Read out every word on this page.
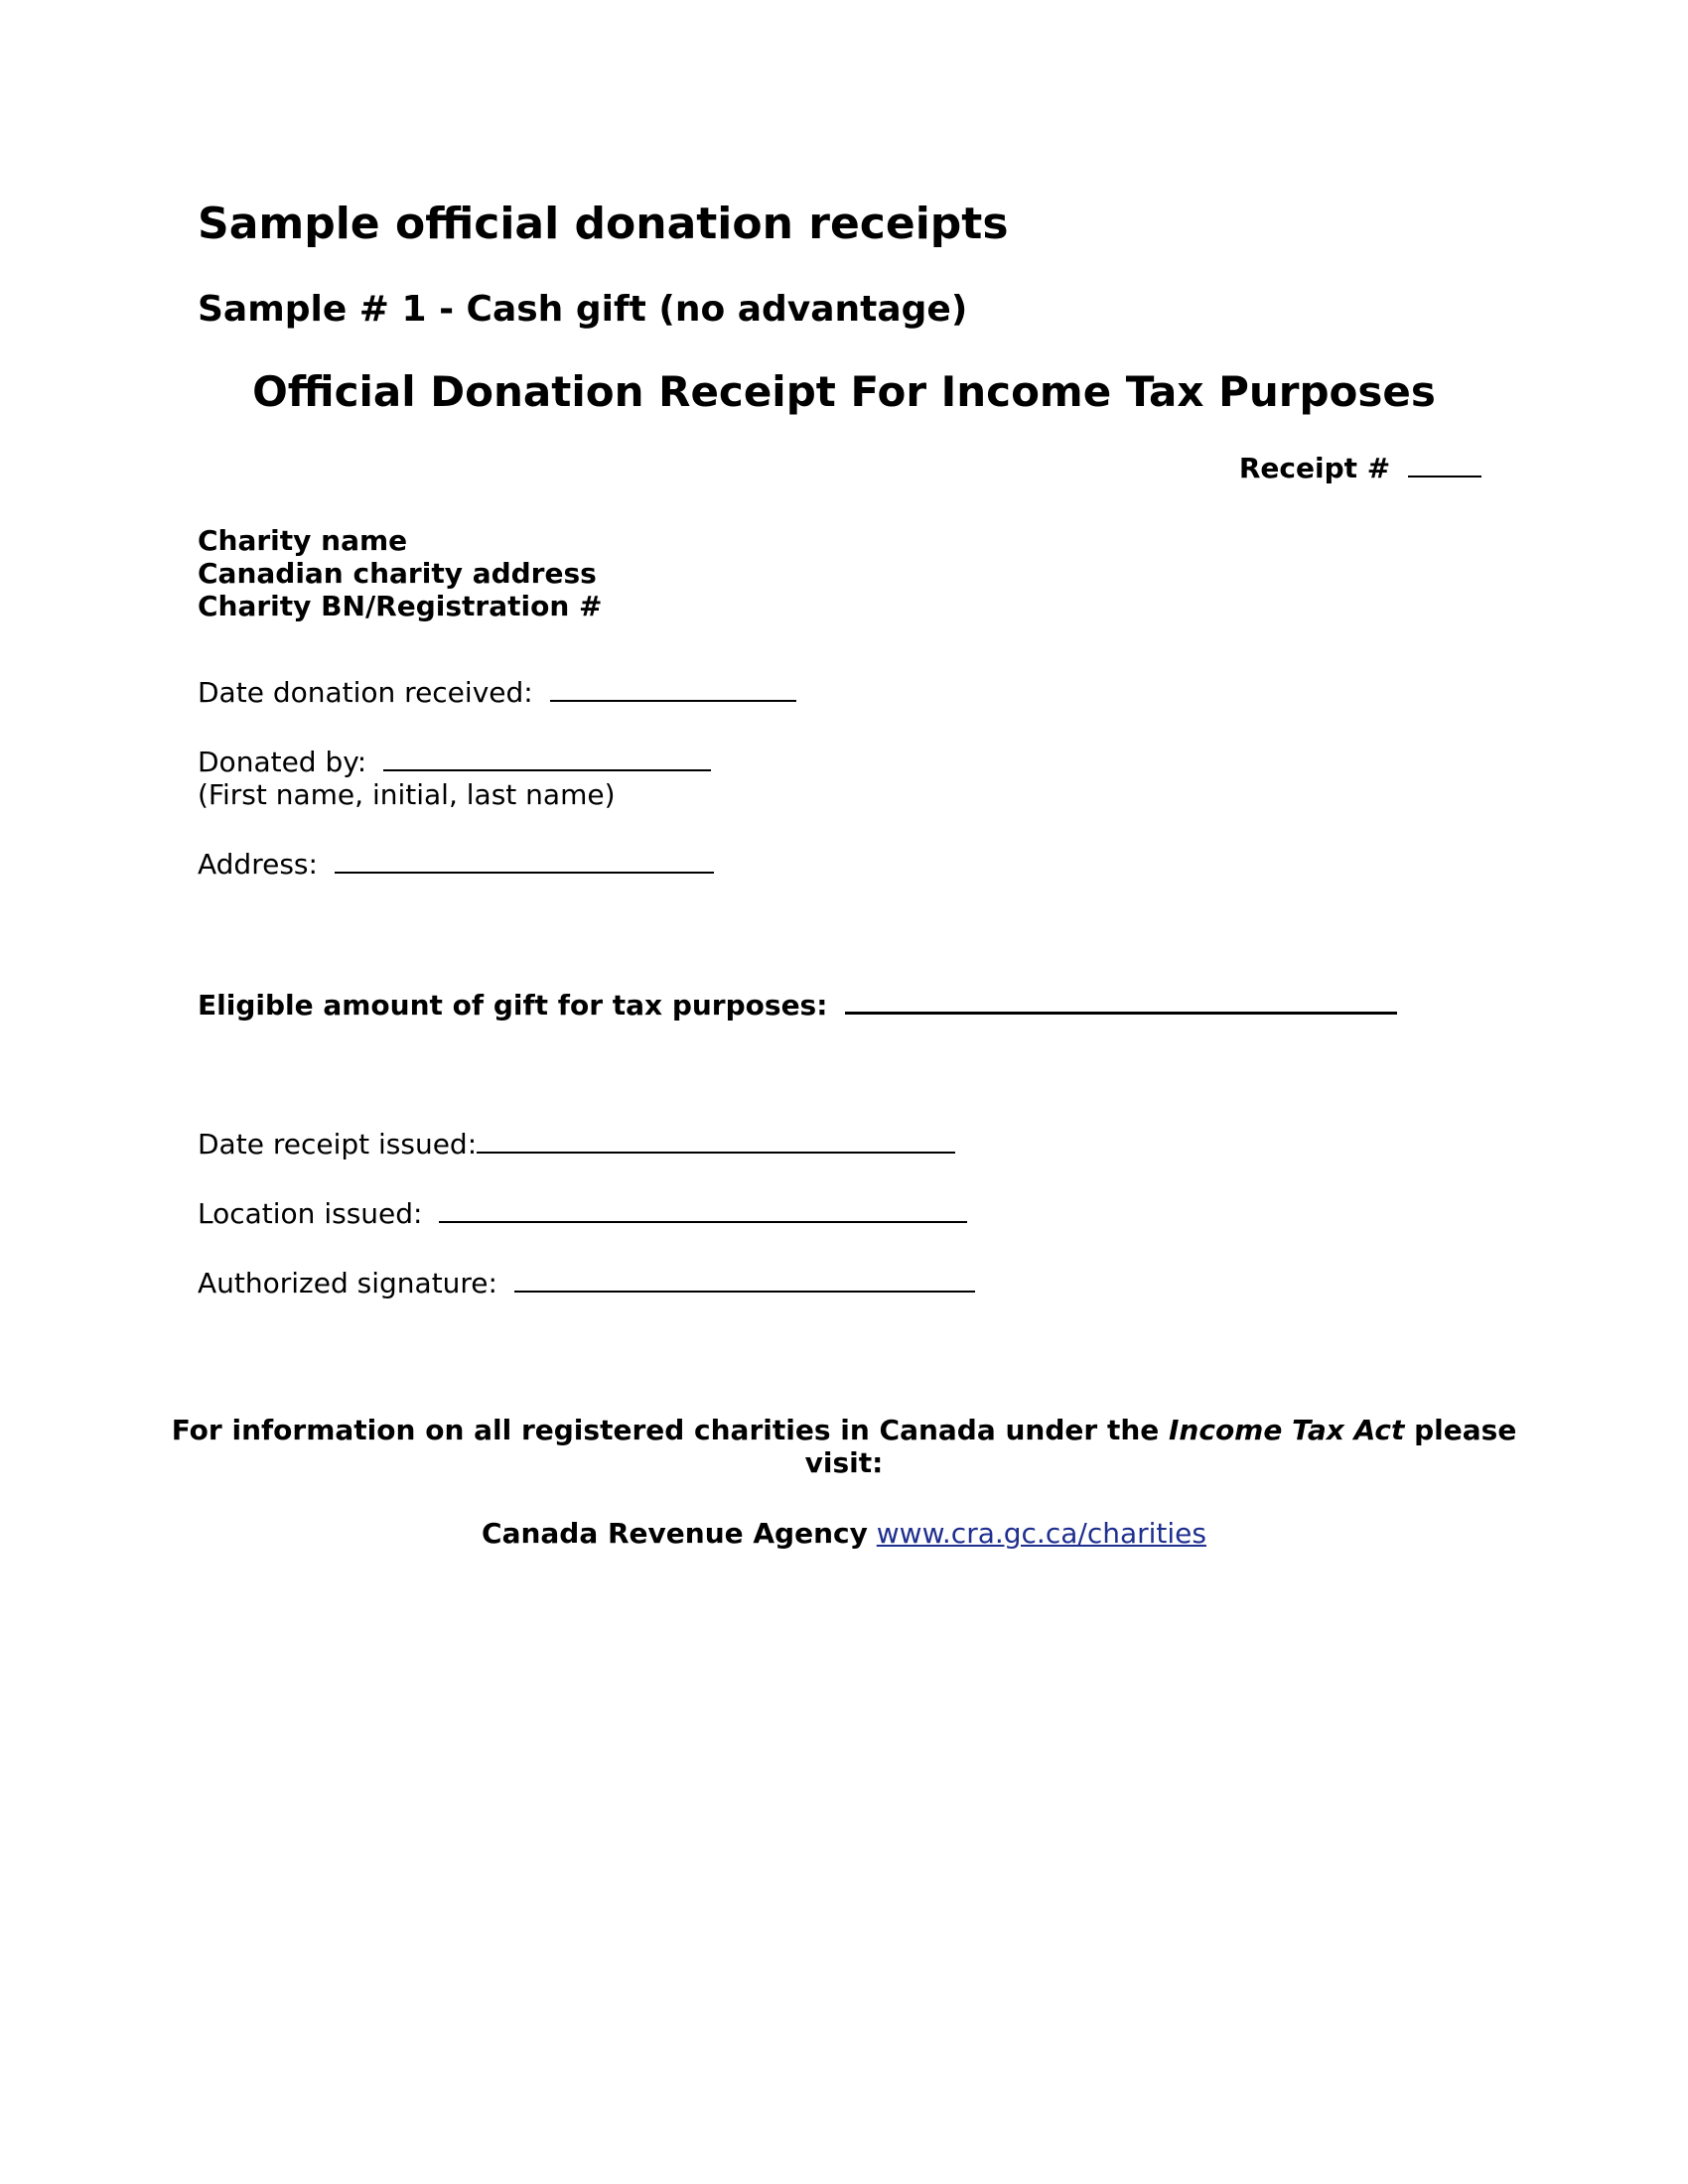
Sample official donation receipts
Sample # 1 - Cash gift (no advantage)
Official Donation Receipt For Income Tax Purposes
Receipt #
Charity name
Canadian charity address
Charity BN/Registration #
Date donation received:
Donated by:
(First name, initial, last name)
Address:
Eligible amount of gift for tax purposes:
Date receipt issued:
Location issued:
Authorized signature:
For information on all registered charities in Canada under the Income Tax Act please
visit:
Canada Revenue Agency www.cra.gc.ca/charities
